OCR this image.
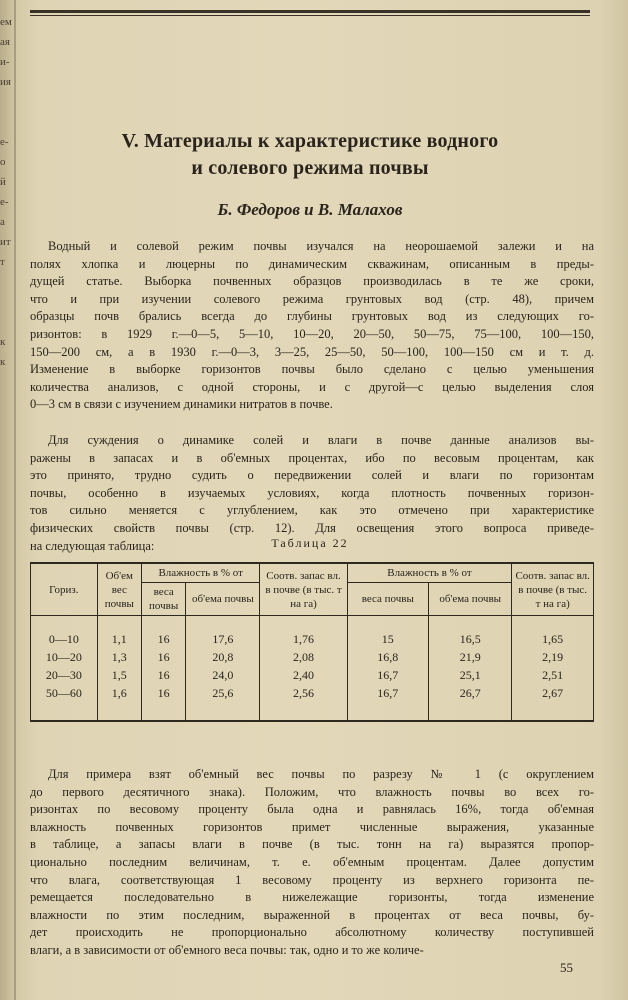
ем
ая
и-
ия
е-
о
й
е-
а
ит
т
к
к
V. Материалы к характеристике водного
и солевого режима почвы
Б. Федоров и В. Малахов
Водный и солевой режим почвы изучался на неорошаемой залежи и на
полях хлопка и люцерны по динамическим скважинам, описанным в преды-
дущей статье. Выборка почвенных образцов производилась в те же сроки,
что и при изучении солевого режима грунтовых вод (стр. 48), причем
образцы почв брались всегда до глубины грунтовых вод из следующих го-
ризонтов: в 1929 г.—0—5, 5—10, 10—20, 20—50, 50—75, 75—100, 100—150,
150—200 см, а в 1930 г.—0—3, 3—25, 25—50, 50—100, 100—150 см и т. д.
Изменение в выборке горизонтов почвы было сделано с целью уменьшения
количества анализов, с одной стороны, и с другой—с целью выделения слоя
0—3 см в связи с изучением динамики нитратов в почве.
Для суждения о динамике солей и влаги в почве данные анализов вы-
ражены в запасах и в об'емных процентах, ибо по весовым процентам, как
это принято, трудно судить о передвижении солей и влаги по горизонтам
почвы, особенно в изучаемых условиях, когда плотность почвенных горизон-
тов сильно меняется с углублением, как это отмечено при характеристике
физических свойств почвы (стр. 12). Для освещения этого вопроса приведе-
на следующая таблица:	Таблица 22
Гориз.	Об'ем вес почвы	Влажность в % от		Соотв. запас вл. в почве (в тыс. т на га)	Влажность в % от		Соотв. запас вл. в почве (в тыс. т на га)
		веса почвы	об'ема почвы		веса почвы	об'ема почвы	

0—10	1,1	16	17,6	1,76	15	16,5	1,65
10—20	1,3	16	20,8	2,08	16,8	21,9	2,19
20—30	1,5	16	24,0	2,40	16,7	25,1	2,51
50—60	1,6	16	25,6	2,56	16,7	26,7	2,67

Для примера взят об'емный вес почвы по разрезу № 1 (с округлением
до первого десятичного знака). Положим, что влажность почвы во всех го-
ризонтах по весовому проценту была одна и равнялась 16%, тогда об'емная
влажность почвенных горизонтов примет численные выражения, указанные
в таблице, а запасы влаги в почве (в тыс. тонн на га) выразятся пропор-
ционально последним величинам, т. е. об'емным процентам. Далее допустим
что влага, соответствующая 1 весовому проценту из верхнего горизонта пе-
ремещается последовательно в нижележащие горизонты, тогда изменение
влажности по этим последним, выраженной в процентах от веса почвы, бу-
дет происходить не пропорционально абсолютному количеству поступившей
влаги, а в зависимости от об'емного веса почвы: так, одно и то же количе-
55
